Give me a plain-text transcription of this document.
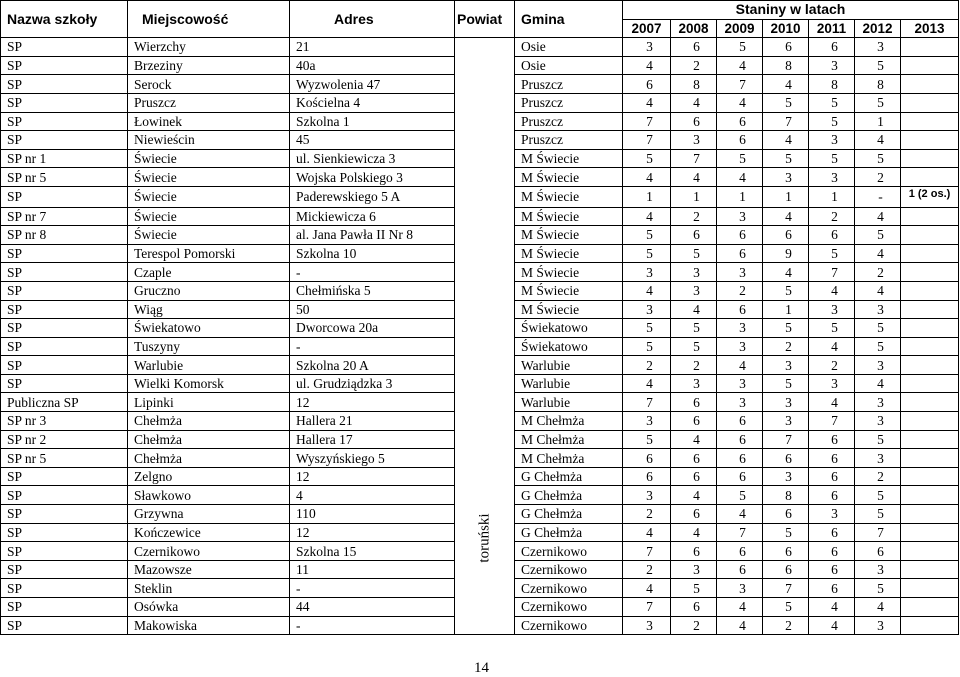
Nazwa szkoły	Miejscowość	Adres	Powiat	Gmina	Staniny w latach						
					2007	2008	2009	2010	2011	2012	2013
SP	Wierzchy	21	toruński	Osie	3	6	5	6	6	3	
SP	Brzeziny	40a		Osie	4	2	4	8	3	5	
SP	Serock	Wyzwolenia 47		Pruszcz	6	8	7	4	8	8	
SP	Pruszcz	Kościelna 4		Pruszcz	4	4	4	5	5	5	
SP	Łowinek	Szkolna 1		Pruszcz	7	6	6	7	5	1	
SP	Niewieścin	45		Pruszcz	7	3	6	4	3	4	
SP nr 1	Świecie	ul. Sienkiewicza 3		M Świecie	5	7	5	5	5	5	
SP nr 5	Świecie	Wojska Polskiego 3		M Świecie	4	4	4	3	3	2	
SP	Świecie	Paderewskiego 5 A		M Świecie	1	1	1	1	1	-	1 (2 os.)
SP nr 7	Świecie	Mickiewicza 6		M Świecie	4	2	3	4	2	4	
SP nr 8	Świecie	al. Jana Pawła II Nr 8		M Świecie	5	6	6	6	6	5	
SP	Terespol Pomorski	Szkolna 10		M Świecie	5	5	6	9	5	4	
SP	Czaple	-		M Świecie	3	3	3	4	7	2	
SP	Gruczno	Chełmińska 5		M Świecie	4	3	2	5	4	4	
SP	Wiąg	50		M Świecie	3	4	6	1	3	3	
SP	Świekatowo	Dworcowa 20a		Świekatowo	5	5	3	5	5	5	
SP	Tuszyny	-		Świekatowo	5	5	3	2	4	5	
SP	Warlubie	Szkolna 20 A		Warlubie	2	2	4	3	2	3	
SP	Wielki Komorsk	ul. Grudziądzka 3		Warlubie	4	3	3	5	3	4	
Publiczna SP	Lipinki	12		Warlubie	7	6	3	3	4	3	
SP nr 3	Chełmża	Hallera 21		M Chełmża	3	6	6	3	7	3	
SP nr 2	Chełmża	Hallera 17		M Chełmża	5	4	6	7	6	5	
SP nr 5	Chełmża	Wyszyńskiego 5		M Chełmża	6	6	6	6	6	3	
SP	Zelgno	12		G Chełmża	6	6	6	3	6	2	
SP	Sławkowo	4		G Chełmża	3	4	5	8	6	5	
SP	Grzywna	110		G Chełmża	2	6	4	6	3	5	
SP	Kończewice	12		G Chełmża	4	4	7	5	6	7	
SP	Czernikowo	Szkolna 15		Czernikowo	7	6	6	6	6	6	
SP	Mazowsze	11		Czernikowo	2	3	6	6	6	3	
SP	Steklin	-		Czernikowo	4	5	3	7	6	5	
SP	Osówka	44		Czernikowo	7	6	4	5	4	4	
SP	Makowiska	-		Czernikowo	3	2	4	2	4	3	
14
